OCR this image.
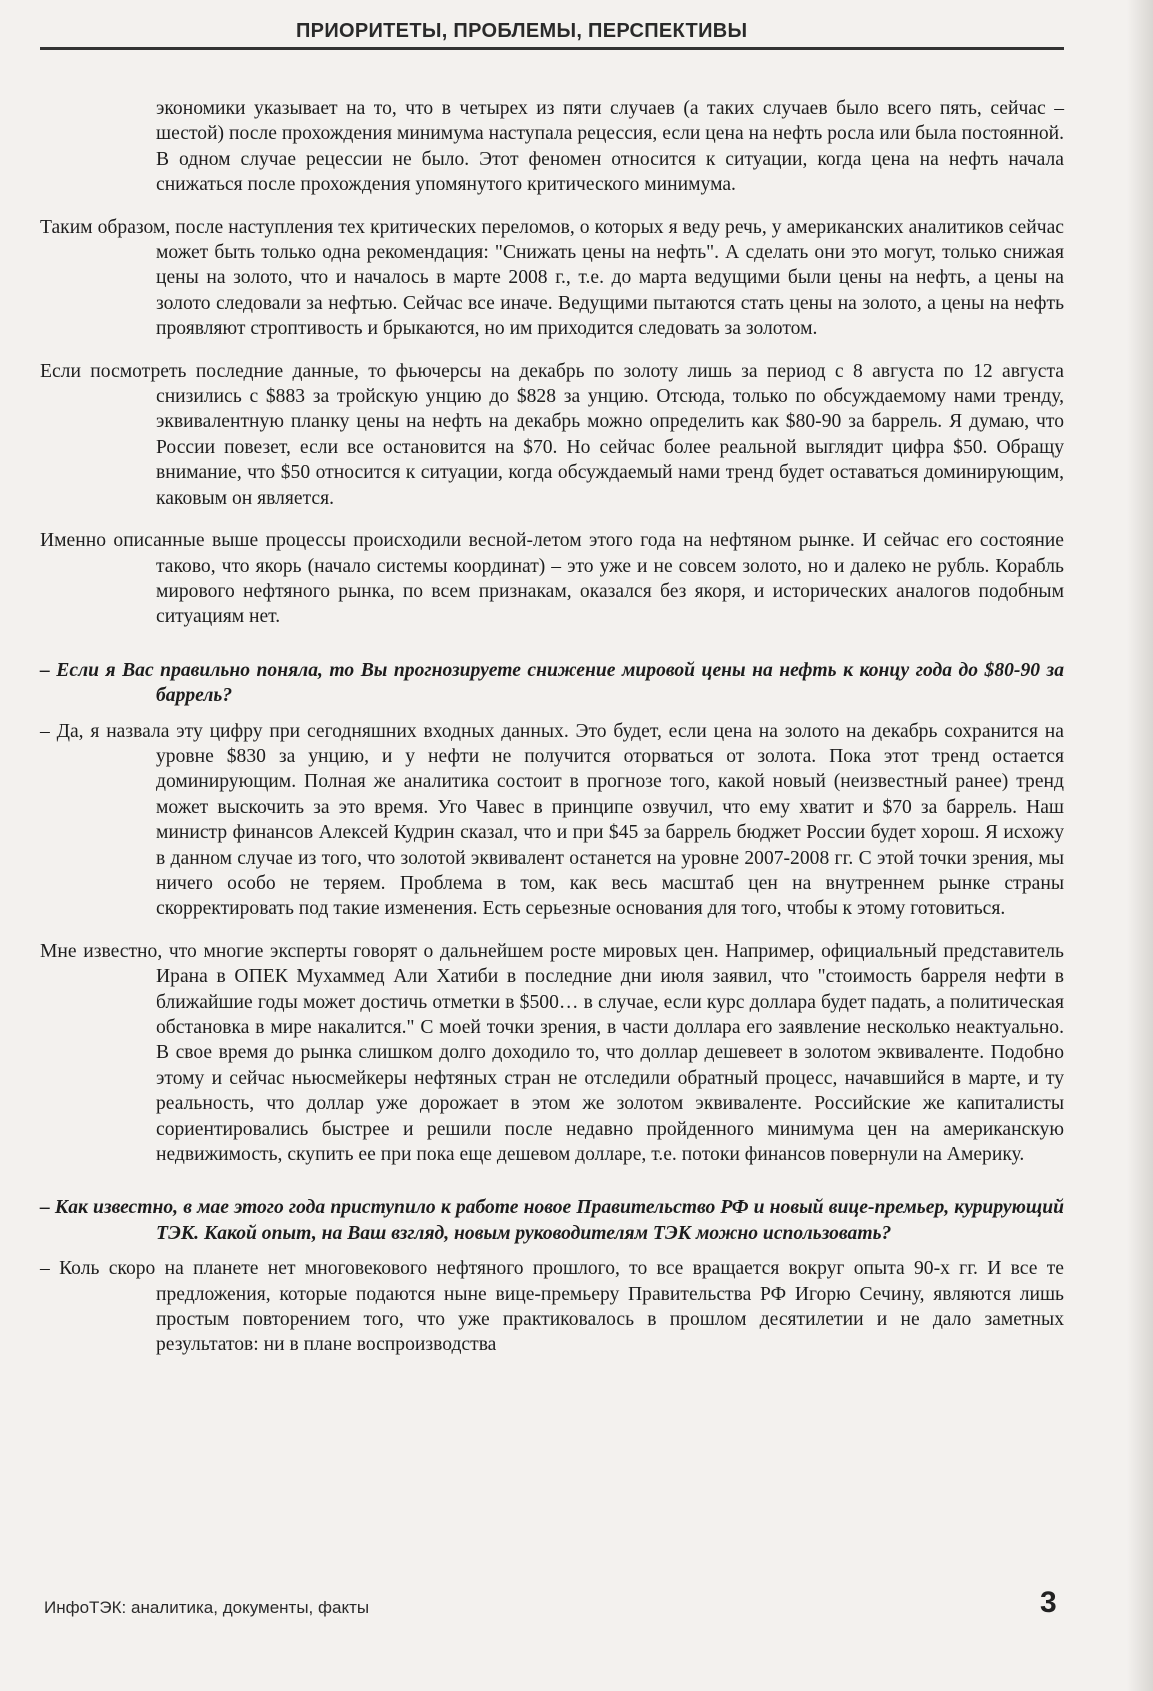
ПРИОРИТЕТЫ, ПРОБЛЕМЫ, ПЕРСПЕКТИВЫ

экономики указывает на то, что в четырех из пяти случаев (а таких случаев было всего пять, сейчас – шестой) после прохождения минимума наступала рецессия, если цена на нефть росла или была постоянной. В одном случае рецессии не было. Этот феномен относится к ситуации, когда цена на нефть начала снижаться после прохождения упомянутого критического минимума.

Таким образом, после наступления тех критических переломов, о которых я веду речь, у американских аналитиков сейчас может быть только одна рекомендация: "Снижать цены на нефть". А сделать они это могут, только снижая цены на золото, что и началось в марте 2008 г., т.е. до марта ведущими были цены на нефть, а цены на золото следовали за нефтью. Сейчас все иначе. Ведущими пытаются стать цены на золото, а цены на нефть проявляют строптивость и брыкаются, но им приходится следовать за золотом.

Если посмотреть последние данные, то фьючерсы на декабрь по золоту лишь за период с 8 августа по 12 августа снизились с $883 за тройскую унцию до $828 за унцию. Отсюда, только по обсуждаемому нами тренду, эквивалентную планку цены на нефть на декабрь можно определить как $80-90 за баррель. Я думаю, что России повезет, если все остановится на $70. Но сейчас более реальной выглядит цифра $50. Обращу внимание, что $50 относится к ситуации, когда обсуждаемый нами тренд будет оставаться доминирующим, каковым он является.

Именно описанные выше процессы происходили весной-летом этого года на нефтяном рынке. И сейчас его состояние таково, что якорь (начало системы координат) – это уже и не совсем золото, но и далеко не рубль. Корабль мирового нефтяного рынка, по всем признакам, оказался без якоря, и исторических аналогов подобным ситуациям нет.

– Если я Вас правильно поняла, то Вы прогнозируете снижение мировой цены на нефть к концу года до $80-90 за баррель?

– Да, я назвала эту цифру при сегодняшних входных данных. Это будет, если цена на золото на декабрь сохранится на уровне $830 за унцию, и у нефти не получится оторваться от золота. Пока этот тренд остается доминирующим. Полная же аналитика состоит в прогнозе того, какой новый (неизвестный ранее) тренд может выскочить за это время. Уго Чавес в принципе озвучил, что ему хватит и $70 за баррель. Наш министр финансов Алексей Кудрин сказал, что и при $45 за баррель бюджет России будет хорош. Я исхожу в данном случае из того, что золотой эквивалент останется на уровне 2007-2008 гг. С этой точки зрения, мы ничего особо не теряем. Проблема в том, как весь масштаб цен на внутреннем рынке страны скорректировать под такие изменения. Есть серьезные основания для того, чтобы к этому готовиться.

Мне известно, что многие эксперты говорят о дальнейшем росте мировых цен. Например, официальный представитель Ирана в ОПЕК Мухаммед Али Хатиби в последние дни июля заявил, что "стоимость барреля нефти в ближайшие годы может достичь отметки в $500… в случае, если курс доллара будет падать, а политическая обстановка в мире накалится." С моей точки зрения, в части доллара его заявление несколько неактуально. В свое время до рынка слишком долго доходило то, что доллар дешевеет в золотом эквиваленте. Подобно этому и сейчас ньюсмейкеры нефтяных стран не отследили обратный процесс, начавшийся в марте, и ту реальность, что доллар уже дорожает в этом же золотом эквиваленте. Российские же капиталисты сориентировались быстрее и решили после недавно пройденного минимума цен на американскую недвижимость, скупить ее при пока еще дешевом долларе, т.е. потоки финансов повернули на Америку.

– Как известно, в мае этого года приступило к работе новое Правительство РФ и новый вице-премьер, курирующий ТЭК. Какой опыт, на Ваш взгляд, новым руководителям ТЭК можно использовать?

– Коль скоро на планете нет многовекового нефтяного прошлого, то все вращается вокруг опыта 90-х гг. И все те предложения, которые подаются ныне вице-премьеру Правительства РФ Игорю Сечину, являются лишь простым повторением того, что уже практиковалось в прошлом десятилетии и не дало заметных результатов: ни в плане воспроизводства

ИнфоТЭК: аналитика, документы, факты	3
